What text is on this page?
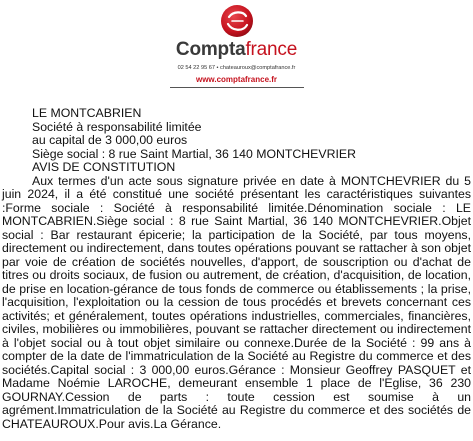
Comptafrance
02 54 22 95 67 • chateauroux@comptafrance.fr
www.comptafrance.fr
LE MONTCABRIEN
Société à responsabilité limitée
au capital de 3 000,00 euros
Siège social : 8 rue Saint Martial, 36 140 MONTCHEVRIER
AVIS DE CONSTITUTION
Aux termes d'un acte sous signature privée en date à MONTCHEVRIER du 5 juin 2024, il a été constitué une société présentant les caractéristiques suivantes :Forme sociale : Société à responsabilité limitée.Dénomination sociale : LE MONTCABRIEN.Siège social : 8 rue Saint Martial, 36 140 MONTCHEVRIER.Objet social : Bar restaurant épicerie; la participation de la Société, par tous moyens, directement ou indirectement, dans toutes opérations pouvant se rattacher à son objet par voie de création de sociétés nouvelles, d'apport, de souscription ou d'achat de titres ou droits sociaux, de fusion ou autrement, de création, d'acquisition, de location, de prise en location-gérance de tous fonds de commerce ou établissements ; la prise, l'acquisition, l'exploitation ou la cession de tous procédés et brevets concernant ces activités; et généralement, toutes opérations industrielles, commerciales, financières, civiles, mobilières ou immobilières, pouvant se rattacher directement ou indirectement à l'objet social ou à tout objet similaire ou connexe.Durée de la Société : 99 ans à compter de la date de l'immatriculation de la Société au Registre du commerce et des sociétés.Capital social : 3 000,00 euros.Gérance : Monsieur Geoffrey PASQUET et Madame Noémie LAROCHE, demeurant ensemble 1 place de l'Eglise, 36 230 GOURNAY.Cession de parts : toute cession est soumise à un agrément.Immatriculation de la Société au Registre du commerce et des sociétés de CHATEAUROUX.Pour avis.La Gérance.
